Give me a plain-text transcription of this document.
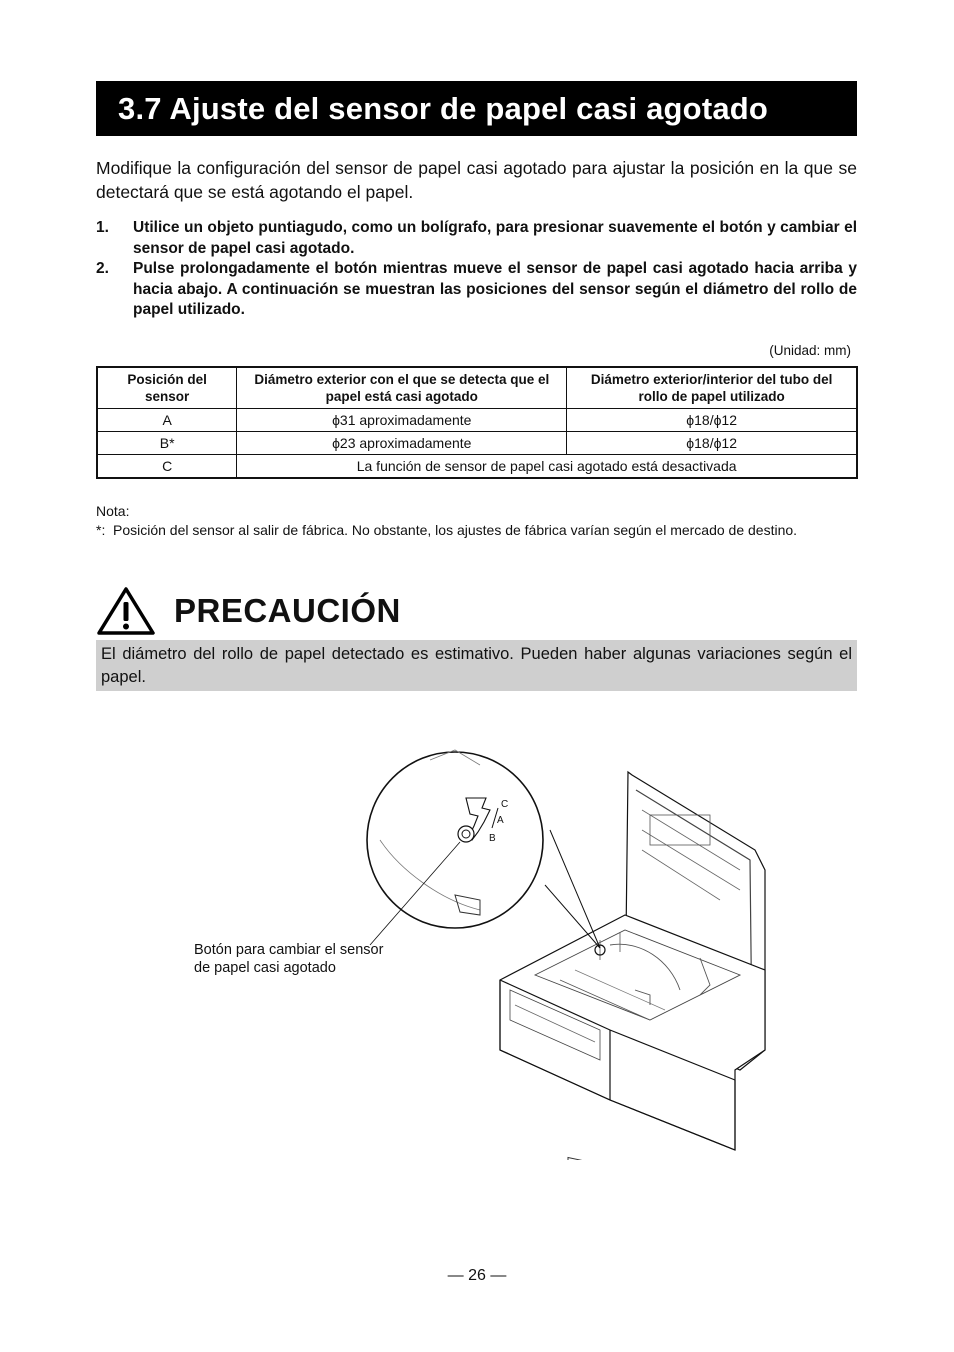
3.7 Ajuste del sensor de papel casi agotado
Modifique la configuración del sensor de papel casi agotado para ajustar la posición en la que se detectará que se está agotando el papel.
1. Utilice un objeto puntiagudo, como un bolígrafo, para presionar suavemente el botón y cambiar el sensor de papel casi agotado.
2. Pulse prolongadamente el botón mientras mueve el sensor de papel casi agotado hacia arriba y hacia abajo. A continuación se muestran las posiciones del sensor según el diámetro del rollo de papel utilizado.
(Unidad: mm)
Posición del sensor	Diámetro exterior con el que se detecta que el papel está casi agotado	Diámetro exterior/interior del tubo del rollo de papel utilizado
A	ϕ31 aproximadamente	ϕ18/ϕ12
B*	ϕ23 aproximadamente	ϕ18/ϕ12
C	La función de sensor de papel casi agotado está desactivada	
Nota:
*: Posición del sensor al salir de fábrica. No obstante, los ajustes de fábrica varían según el mercado de destino.
PRECAUCIÓN
El diámetro del rollo de papel detectado es estimativo. Pueden haber algunas variaciones según el papel.
C
A
B
Botón para cambiar el sensor
de papel casi agotado
— 26 —
